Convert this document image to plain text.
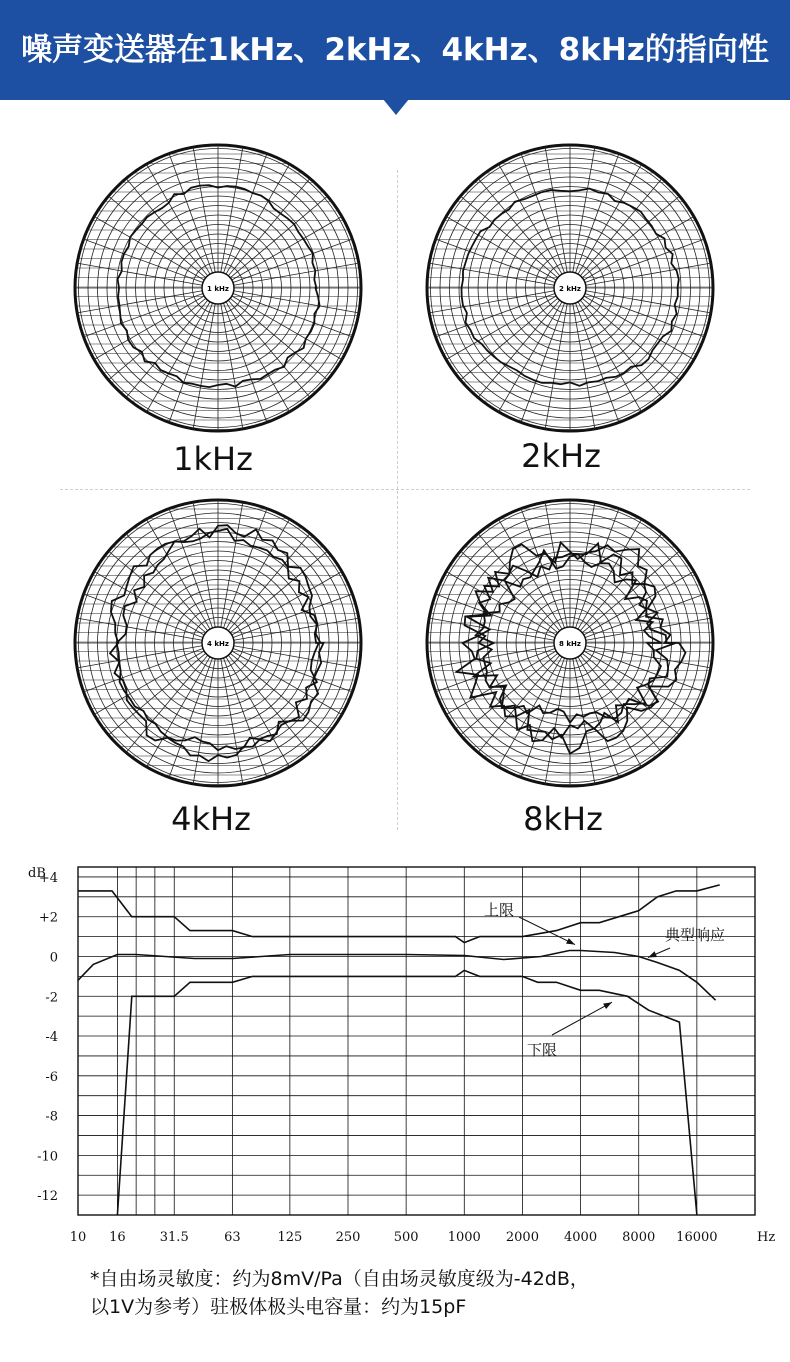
噪声变送器在1kHz、2kHz、4kHz、8kHz的指向性
1 kHz
1kHz
2 kHz
2kHz
4 kHz
4kHz
8 kHz
8kHz
10 16	31.5	63	125	250	500 1000 2000 4000 8000 16000
+4
+2
0
-2
-4
-6
-8
-10
-12
dB
Hz
上限
典型响应
下限
*自由场灵敏度：约为8mV/Pa（自由场灵敏度级为-42dB，
以1V为参考）驻极体极头电容量：约为15pF
